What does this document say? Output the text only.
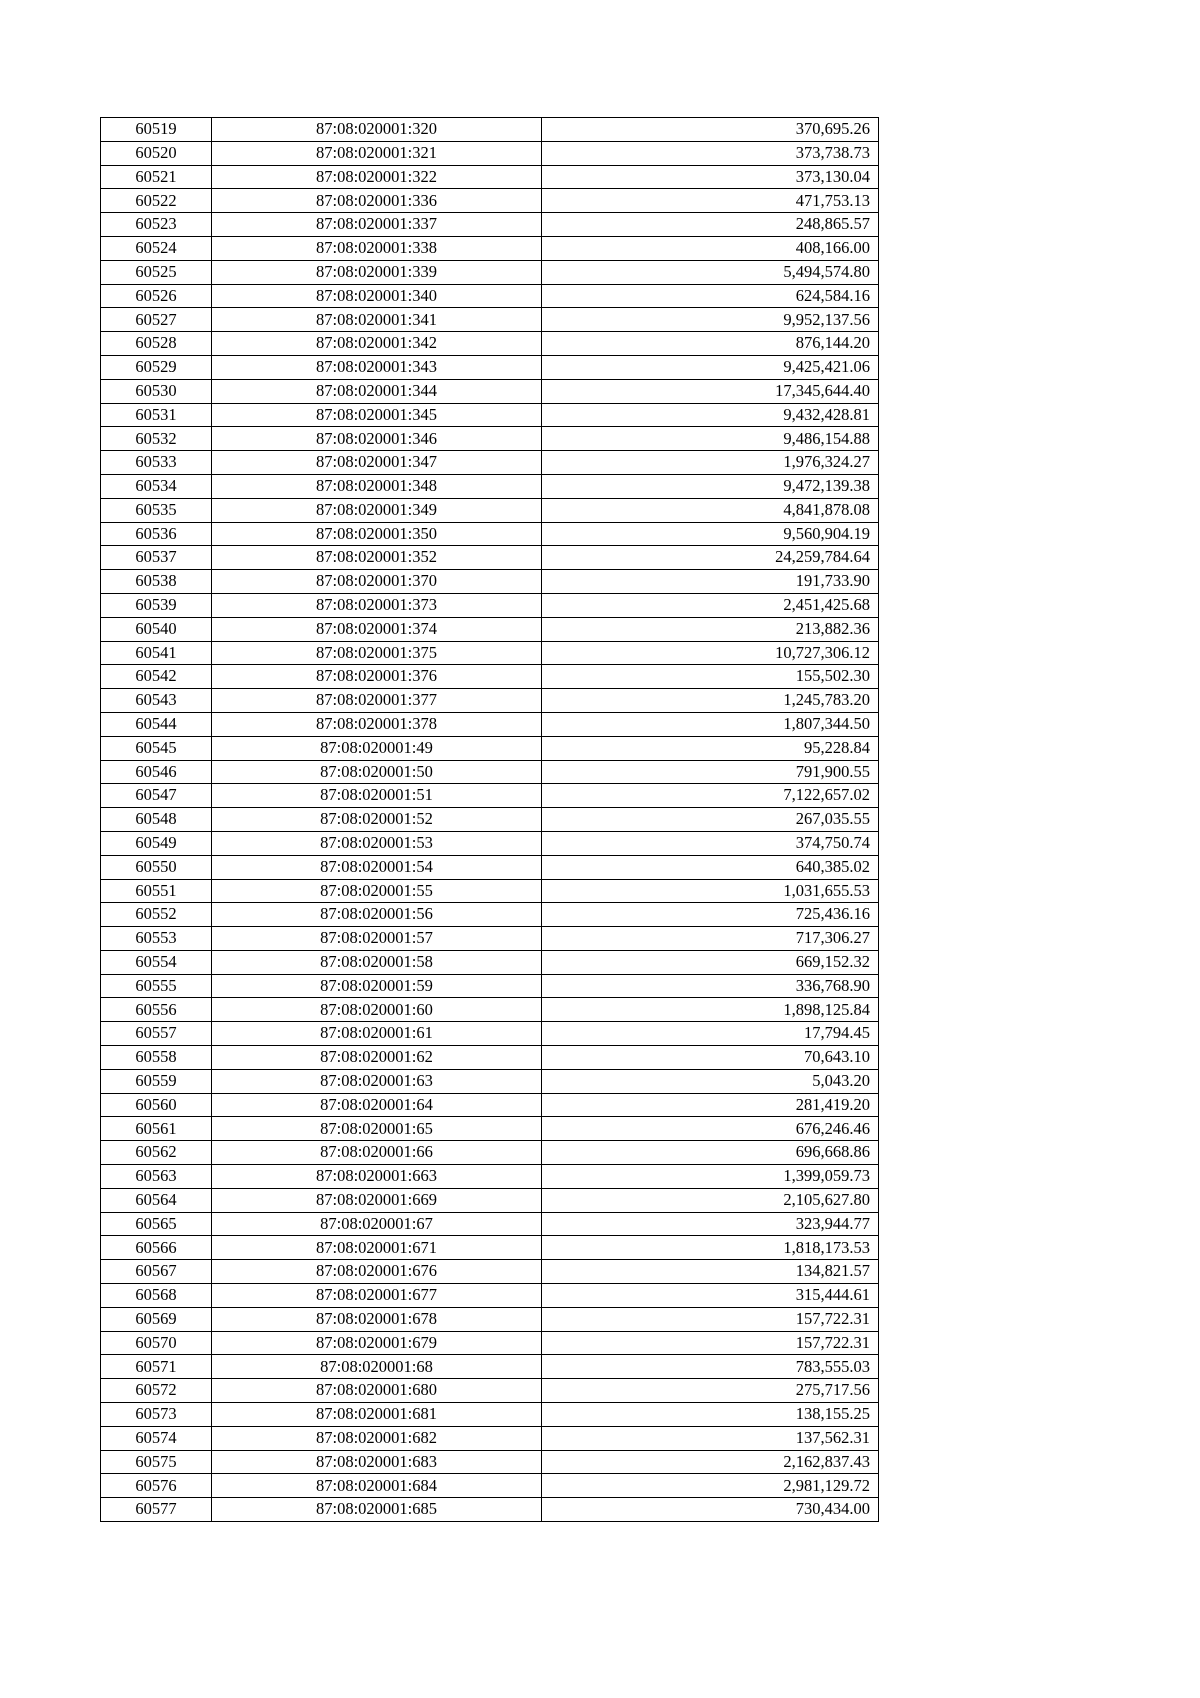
60519	87:08:020001:320	370,695.26
60520	87:08:020001:321	373,738.73
60521	87:08:020001:322	373,130.04
60522	87:08:020001:336	471,753.13
60523	87:08:020001:337	248,865.57
60524	87:08:020001:338	408,166.00
60525	87:08:020001:339	5,494,574.80
60526	87:08:020001:340	624,584.16
60527	87:08:020001:341	9,952,137.56
60528	87:08:020001:342	876,144.20
60529	87:08:020001:343	9,425,421.06
60530	87:08:020001:344	17,345,644.40
60531	87:08:020001:345	9,432,428.81
60532	87:08:020001:346	9,486,154.88
60533	87:08:020001:347	1,976,324.27
60534	87:08:020001:348	9,472,139.38
60535	87:08:020001:349	4,841,878.08
60536	87:08:020001:350	9,560,904.19
60537	87:08:020001:352	24,259,784.64
60538	87:08:020001:370	191,733.90
60539	87:08:020001:373	2,451,425.68
60540	87:08:020001:374	213,882.36
60541	87:08:020001:375	10,727,306.12
60542	87:08:020001:376	155,502.30
60543	87:08:020001:377	1,245,783.20
60544	87:08:020001:378	1,807,344.50
60545	87:08:020001:49	95,228.84
60546	87:08:020001:50	791,900.55
60547	87:08:020001:51	7,122,657.02
60548	87:08:020001:52	267,035.55
60549	87:08:020001:53	374,750.74
60550	87:08:020001:54	640,385.02
60551	87:08:020001:55	1,031,655.53
60552	87:08:020001:56	725,436.16
60553	87:08:020001:57	717,306.27
60554	87:08:020001:58	669,152.32
60555	87:08:020001:59	336,768.90
60556	87:08:020001:60	1,898,125.84
60557	87:08:020001:61	17,794.45
60558	87:08:020001:62	70,643.10
60559	87:08:020001:63	5,043.20
60560	87:08:020001:64	281,419.20
60561	87:08:020001:65	676,246.46
60562	87:08:020001:66	696,668.86
60563	87:08:020001:663	1,399,059.73
60564	87:08:020001:669	2,105,627.80
60565	87:08:020001:67	323,944.77
60566	87:08:020001:671	1,818,173.53
60567	87:08:020001:676	134,821.57
60568	87:08:020001:677	315,444.61
60569	87:08:020001:678	157,722.31
60570	87:08:020001:679	157,722.31
60571	87:08:020001:68	783,555.03
60572	87:08:020001:680	275,717.56
60573	87:08:020001:681	138,155.25
60574	87:08:020001:682	137,562.31
60575	87:08:020001:683	2,162,837.43
60576	87:08:020001:684	2,981,129.72
60577	87:08:020001:685	730,434.00
